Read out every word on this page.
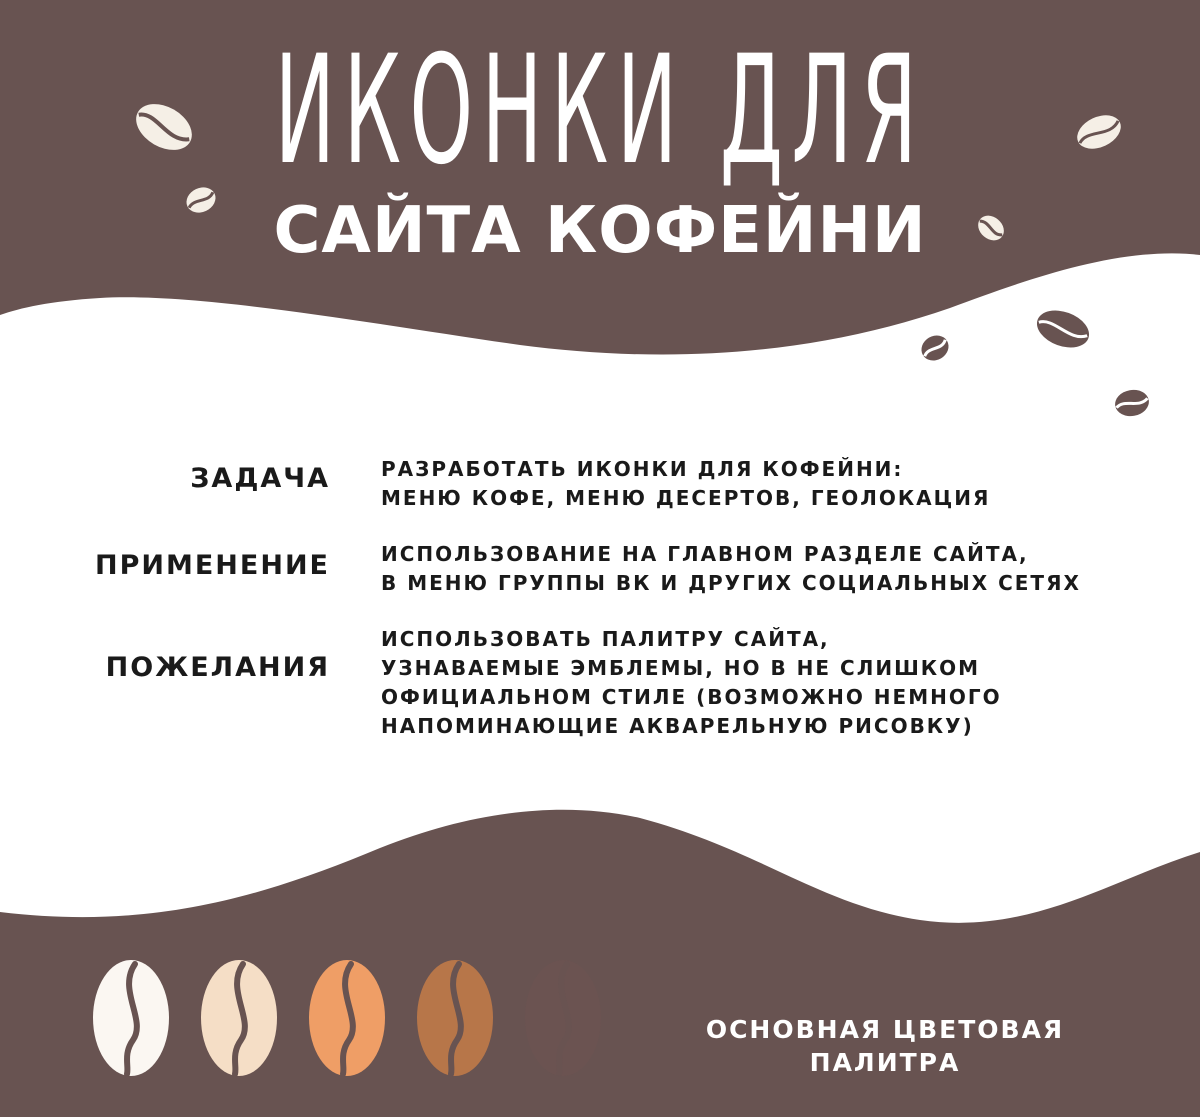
ИКОНКИ ДЛЯ
САЙТА КОФЕЙНИ
ЗАДАЧА	РАЗРАБОТАТЬ ИКОНКИ ДЛЯ КОФЕЙНИ:
МЕНЮ КОФЕ, МЕНЮ ДЕСЕРТОВ, ГЕОЛОКАЦИЯ
ПРИМЕНЕНИЕ	ИСПОЛЬЗОВАНИЕ НА ГЛАВНОМ РАЗДЕЛЕ САЙТА,
В МЕНЮ ГРУППЫ ВК И ДРУГИХ СОЦИАЛЬНЫХ СЕТЯХ
ПОЖЕЛАНИЯ
ИСПОЛЬЗОВАТЬ ПАЛИТРУ САЙТА,
УЗНАВАЕМЫЕ ЭМБЛЕМЫ, НО В НЕ СЛИШКОМ
ОФИЦИАЛЬНОМ СТИЛЕ (ВОЗМОЖНО НЕМНОГО
НАПОМИНАЮЩИЕ АКВАРЕЛЬНУЮ РИСОВКУ)
ОСНОВНАЯ ЦВЕТОВАЯ
ПАЛИТРА
